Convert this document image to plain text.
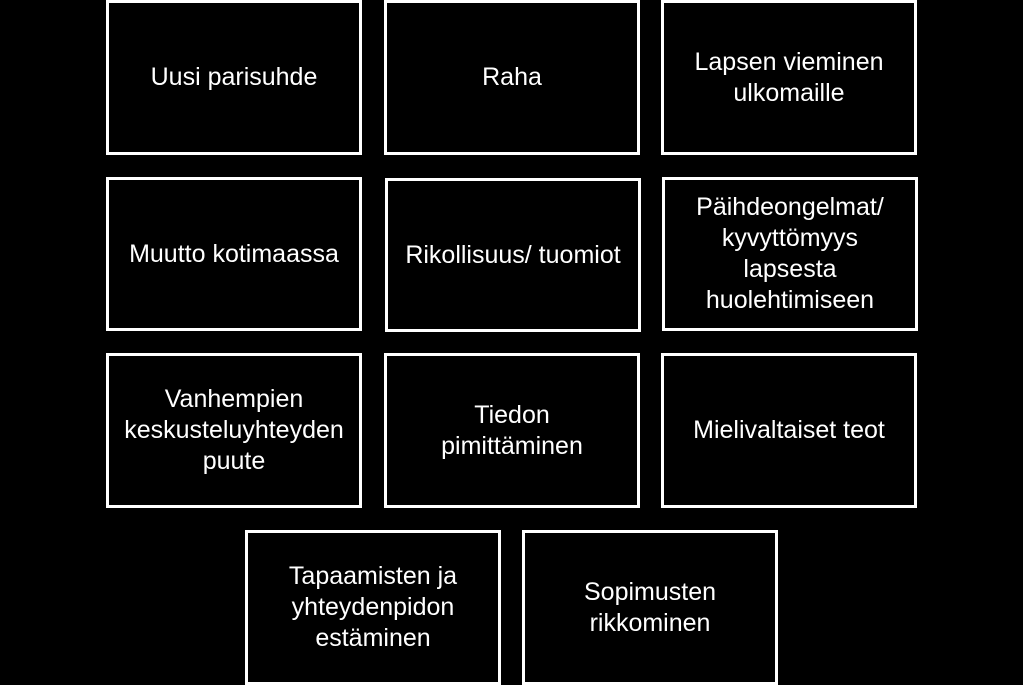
Uusi parisuhde	Raha
Lapsen vieminen
ulkomaille
Muutto kotimaassa	Rikollisuus/ tuomiot
Päihdeongelmat/
kyvyttömyys
lapsesta
huolehtimiseen
Vanhempien
keskusteluyhteyden
puute
Tiedon
pimittäminen
Mielivaltaiset teot
Tapaamisten ja
yhteydenpidon
estäminen
Sopimusten
rikkominen
